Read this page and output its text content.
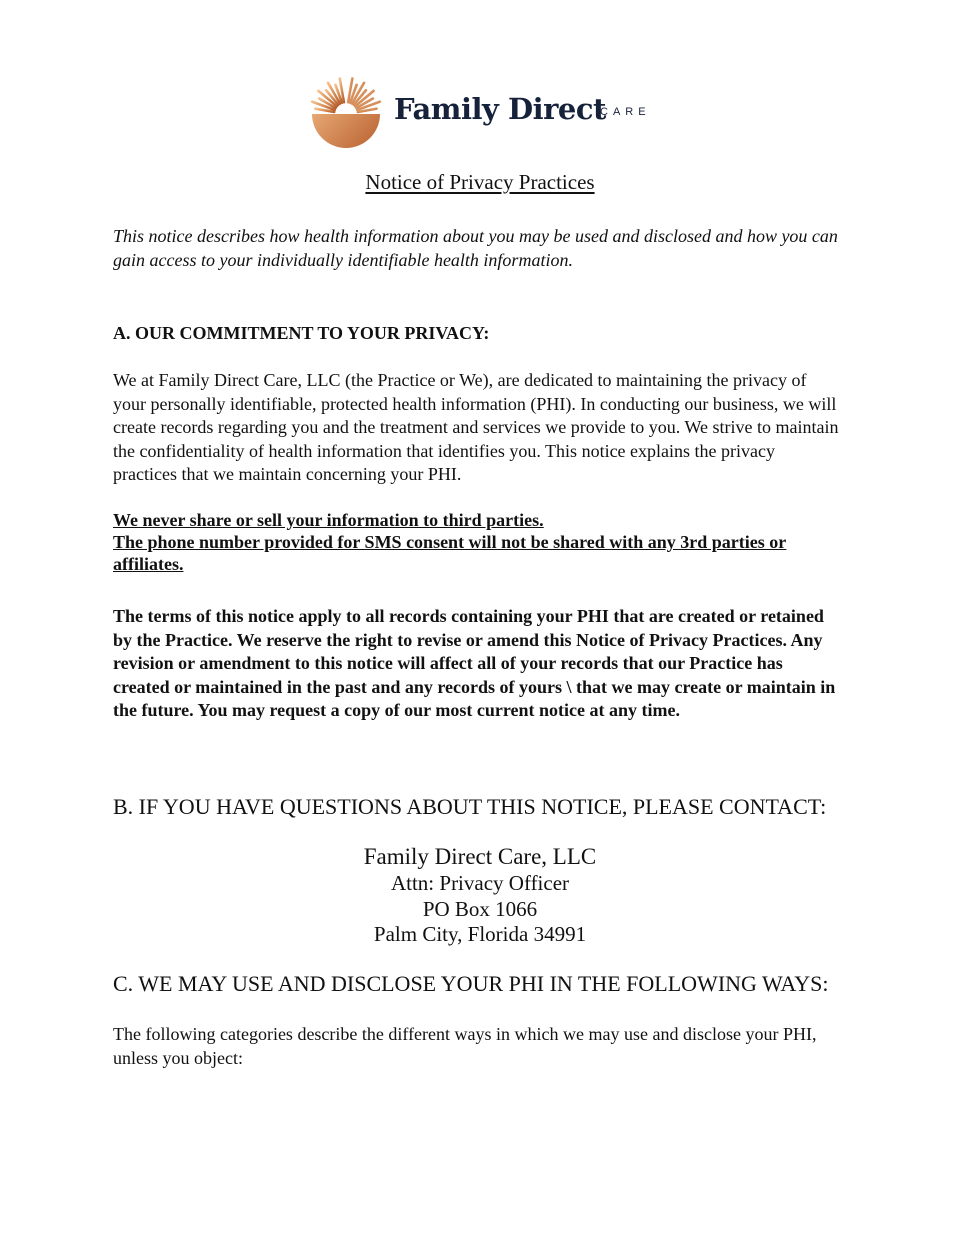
Family Direct
CARE
Notice of Privacy Practices
This notice describes how health information about you may be used and disclosed and how you can gain access to your individually identifiable health information.
A. OUR COMMITMENT TO YOUR PRIVACY:
We at Family Direct Care, LLC (the Practice or We), are dedicated to maintaining the privacy of your personally identifiable, protected health information (PHI). In conducting our business, we will create records regarding you and the treatment and services we provide to you. We strive to maintain the confidentiality of health information that identifies you. This notice explains the privacy practices that we maintain concerning your PHI.
We never share or sell your information to third parties.
The phone number provided for SMS consent will not be shared with any 3rd parties or affiliates.
The terms of this notice apply to all records containing your PHI that are created or retained by the Practice. We reserve the right to revise or amend this Notice of Privacy Practices. Any revision or amendment to this notice will affect all of your records that our Practice has created or maintained in the past and any records of yours \ that we may create or maintain in the future. You may request a copy of our most current notice at any time.
B. IF YOU HAVE QUESTIONS ABOUT THIS NOTICE, PLEASE CONTACT:
Family Direct Care, LLC
Attn: Privacy Officer
PO Box 1066
Palm City, Florida 34991
C. WE MAY USE AND DISCLOSE YOUR PHI IN THE FOLLOWING WAYS:
The following categories describe the different ways in which we may use and disclose your PHI, unless you object:
